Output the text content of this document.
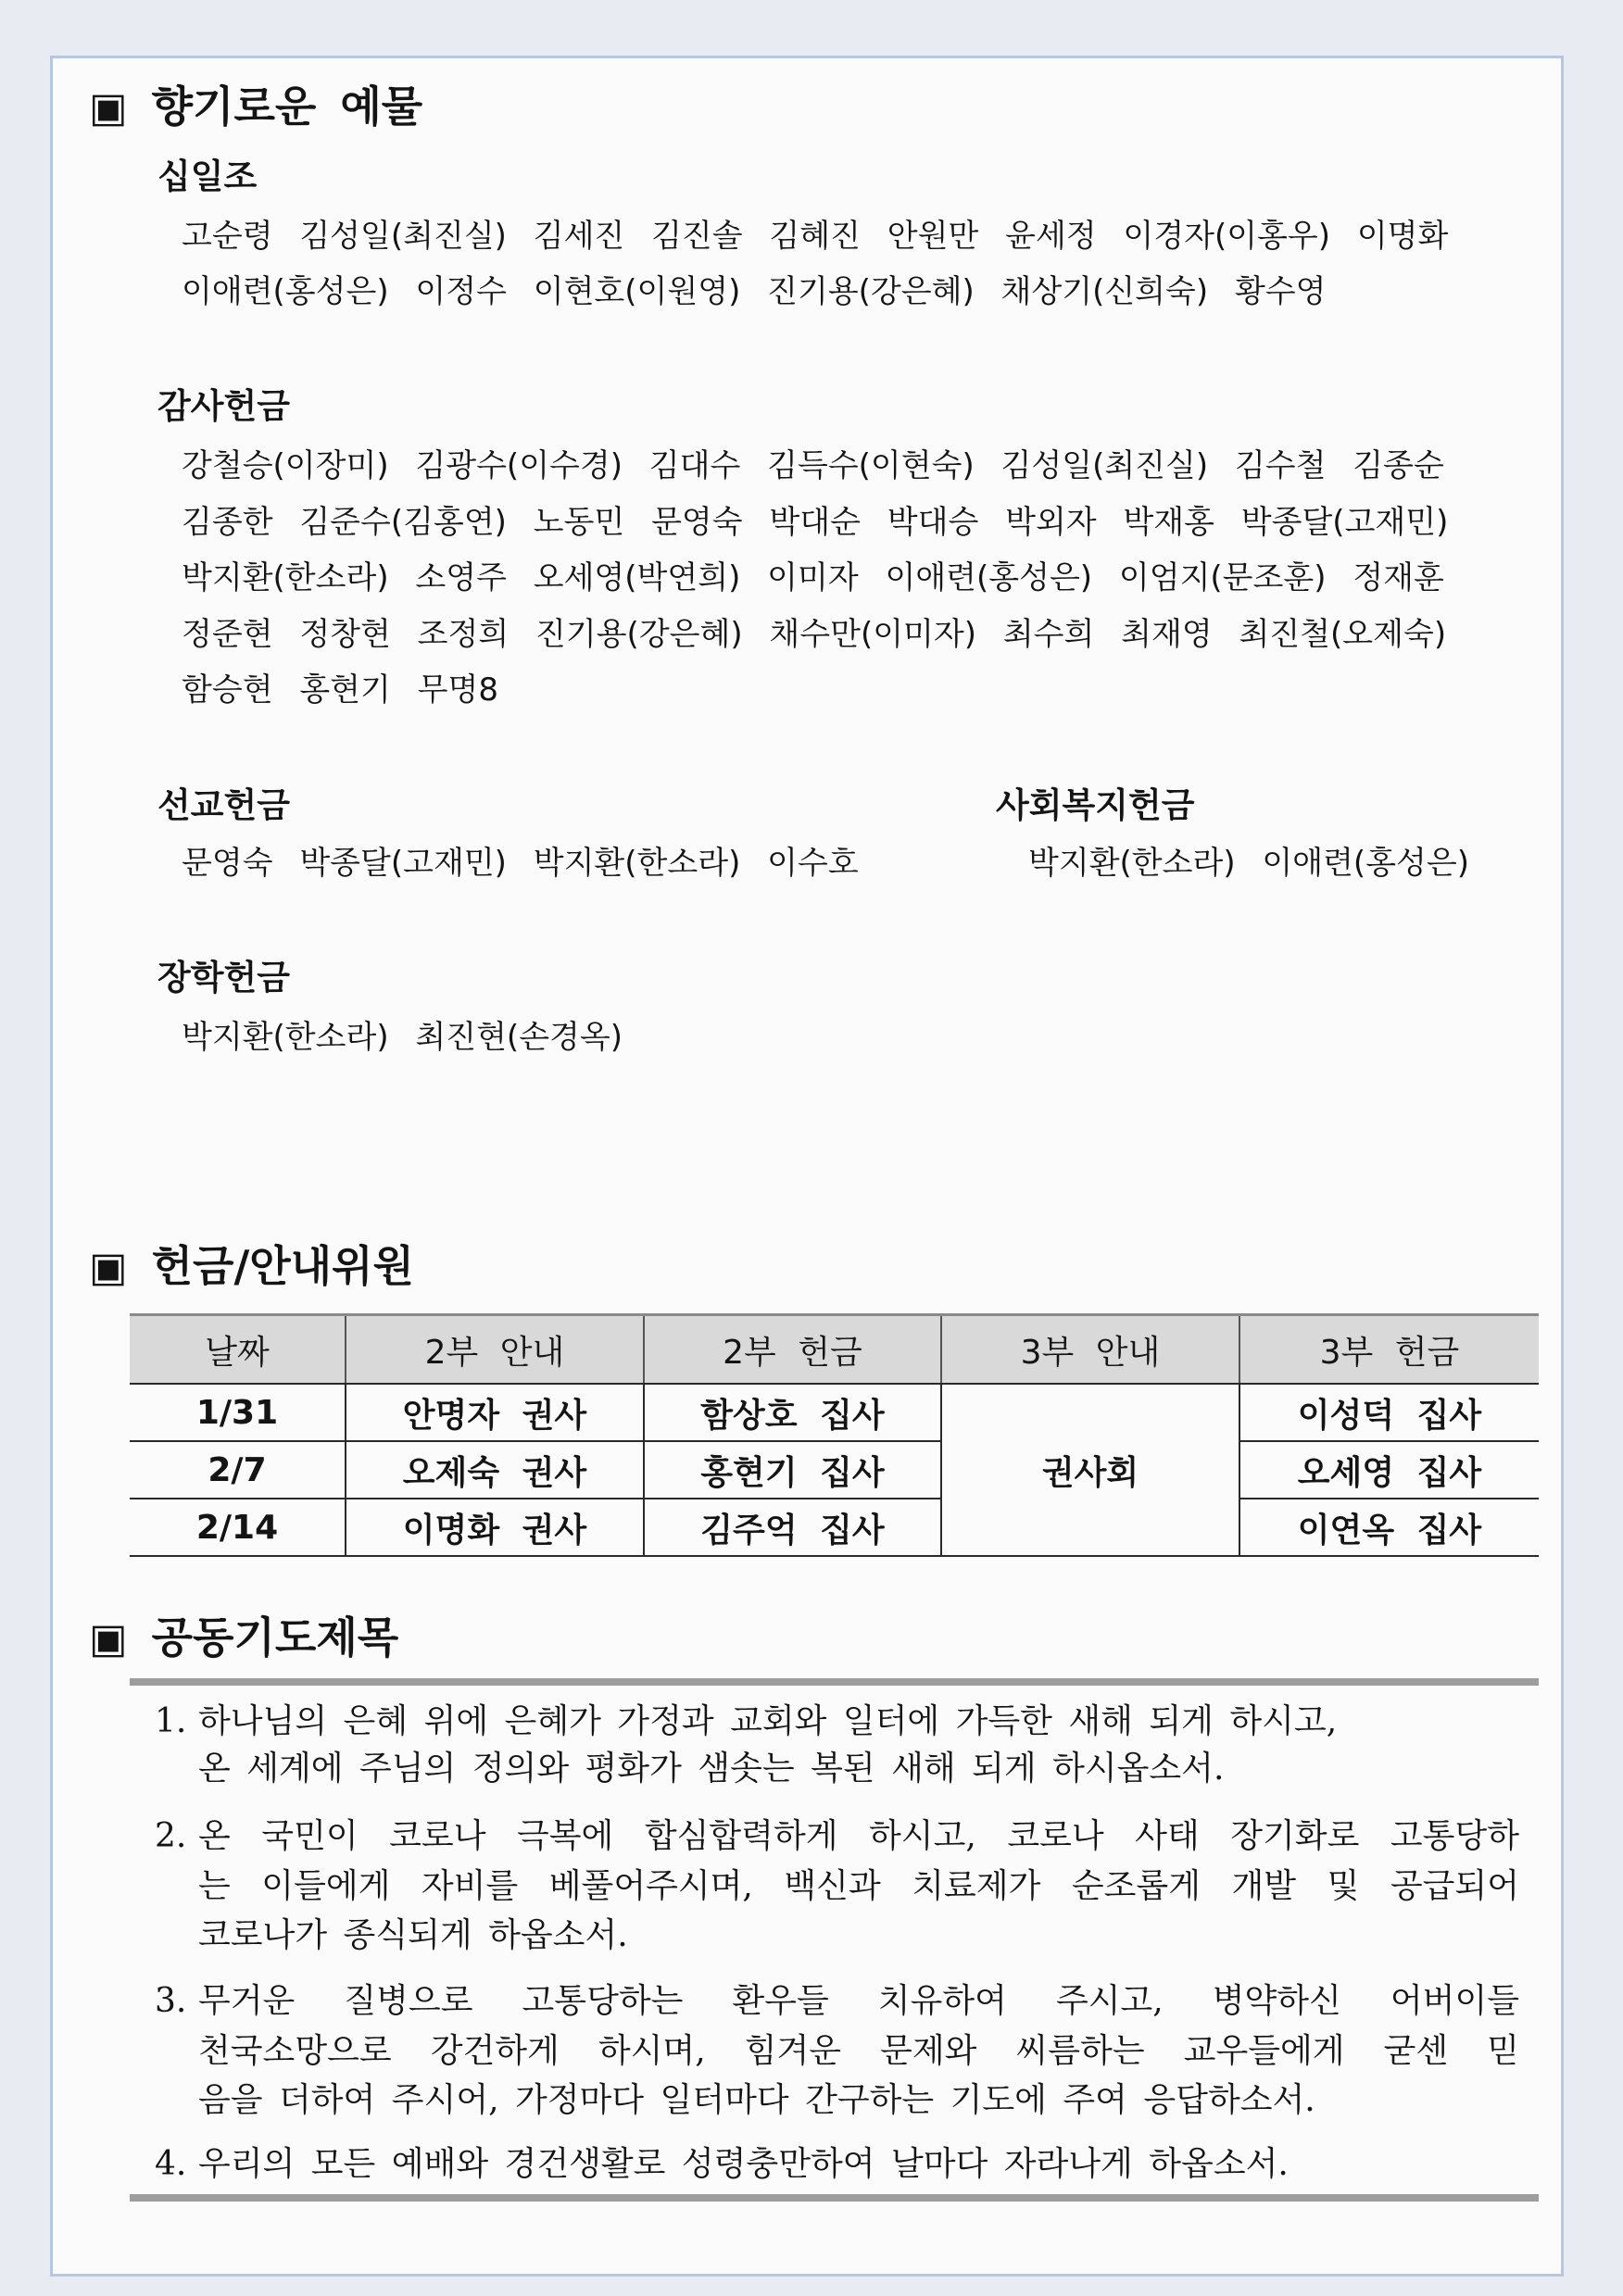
▣ 향기로운 예물
십일조
고순령 김성일(최진실) 김세진 김진솔 김혜진 안원만 윤세정 이경자(이홍우) 이명화
이애련(홍성은) 이정수 이현호(이원영) 진기용(강은혜) 채상기(신희숙) 황수영
감사헌금
강철승(이장미) 김광수(이수경) 김대수 김득수(이현숙) 김성일(최진실) 김수철 김종순
김종한 김준수(김홍연) 노동민 문영숙 박대순 박대승 박외자 박재홍 박종달(고재민)
박지환(한소라) 소영주 오세영(박연희) 이미자 이애련(홍성은) 이엄지(문조훈) 정재훈
정준현 정창현 조정희 진기용(강은혜) 채수만(이미자) 최수희 최재영 최진철(오제숙)
함승현 홍현기 무명8
선교헌금
문영숙 박종달(고재민) 박지환(한소라) 이수호
사회복지헌금
박지환(한소라) 이애련(홍성은)
장학헌금
박지환(한소라) 최진현(손경옥)
▣ 헌금/안내위원
날짜	2부 안내	2부 헌금	3부 안내	3부 헌금
1/31	안명자 권사	함상호 집사	권사회	이성덕 집사
2/7	오제숙 권사	홍현기 집사		오세영 집사
2/14	이명화 권사	김주억 집사		이연옥 집사
▣ 공동기도제목
1. 하나님의 은혜 위에 은혜가 가정과 교회와 일터에 가득한 새해 되게 하시고,
온 세계에 주님의 정의와 평화가 샘솟는 복된 새해 되게 하시옵소서.
2. 온 국민이 코로나 극복에 합심합력하게 하시고, 코로나 사태 장기화로 고통당하
는 이들에게 자비를 베풀어주시며, 백신과 치료제가 순조롭게 개발 및 공급되어
코로나가 종식되게 하옵소서.
3. 무거운 질병으로 고통당하는 환우들 치유하여 주시고, 병약하신 어버이들
천국소망으로 강건하게 하시며, 힘겨운 문제와 씨름하는 교우들에게 굳센 믿
음을 더하여 주시어, 가정마다 일터마다 간구하는 기도에 주여 응답하소서.
4. 우리의 모든 예배와 경건생활로 성령충만하여 날마다 자라나게 하옵소서.
